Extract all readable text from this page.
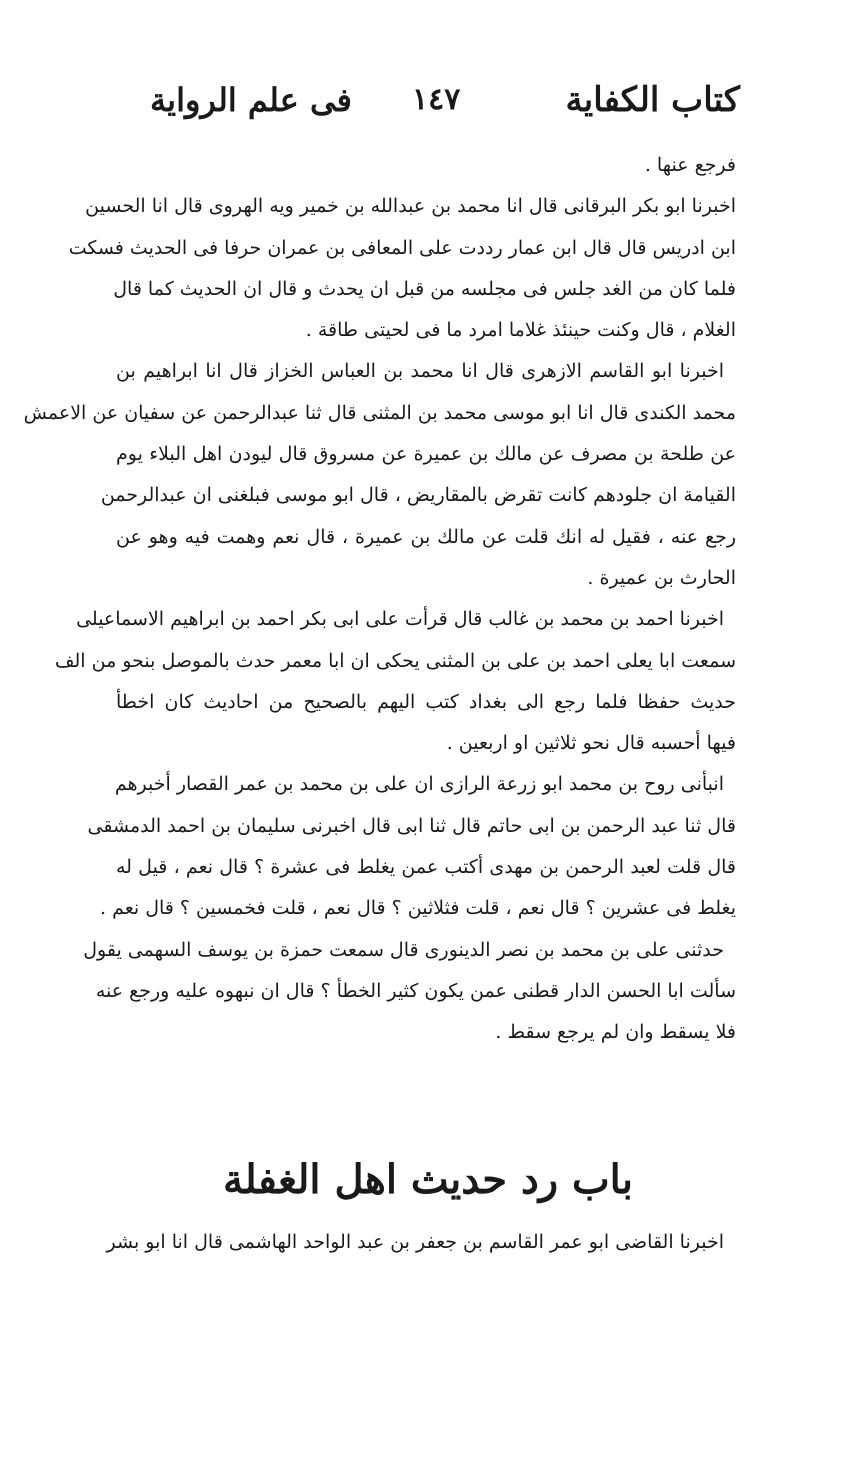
كتاب الكفاية
١٤٧
فى علم الرواية
فرجع عنها .
اخبرنا ابو بكر البرقانى قال انا محمد بن عبدالله بن خمير ويه الهروى قال انا الحسين
ابن ادريس قال قال ابن عمار رددت على المعافى بن عمران حرفا فى الحديث فسكت
فلما كان من الغد جلس فى مجلسه من قبل ان يحدث و قال ان الحديث كما قال
الغلام ، قال وكنت حينئذ غلاما امرد ما فى لحيتى طاقة .
اخبرنا ابو القاسم الازهرى قال انا محمد بن العباس الخزاز قال انا ابراهيم بن
محمد الكندى قال انا ابو موسى محمد بن المثنى قال ثنا عبدالرحمن عن سفيان عن الاعمش
عن طلحة بن مصرف عن مالك بن عميرة عن مسروق قال ليودن اهل البلاء يوم
القيامة ان جلودهم كانت تقرض بالمقاريض ، قال ابو موسى فبلغنى ان عبدالرحمن
رجع عنه ، فقيل له انك قلت عن مالك بن عميرة ، قال نعم وهمت فيه وهو عن
الحارث بن عميرة .
اخبرنا احمد بن محمد بن غالب قال قرأت على ابى بكر احمد بن ابراهيم الاسماعيلى
سمعت ابا يعلى احمد بن على بن المثنى يحكى ان ابا معمر حدث بالموصل بنحو من الف
حديث حفظا فلما رجع الى بغداد كتب اليهم بالصحيح من احاديث كان اخطأ
فيها أحسبه قال نحو ثلاثين او اربعين .
انبأنى روح بن محمد ابو زرعة الرازى ان على بن محمد بن عمر القصار أخبرهم
قال ثنا عبد الرحمن بن ابى حاتم قال ثنا ابى قال اخبرنى سليمان بن احمد الدمشقى
قال قلت لعبد الرحمن بن مهدى أكتب عمن يغلط فى عشرة ؟ قال نعم ، قيل له
يغلط فى عشرين ؟ قال نعم ، قلت فثلاثين ؟ قال نعم ، قلت فخمسين ؟ قال نعم .
حدثنى على بن محمد بن نصر الدينورى قال سمعت حمزة بن يوسف السهمى يقول
سألت ابا الحسن الدار قطنى عمن يكون كثير الخطأ ؟ قال ان نبهوه عليه ورجع عنه
فلا يسقط وان لم يرجع سقط .
باب رد حديث اهل الغفلة
اخبرنا القاضى ابو عمر القاسم بن جعفر بن عبد الواحد الهاشمى قال انا ابو بشر
